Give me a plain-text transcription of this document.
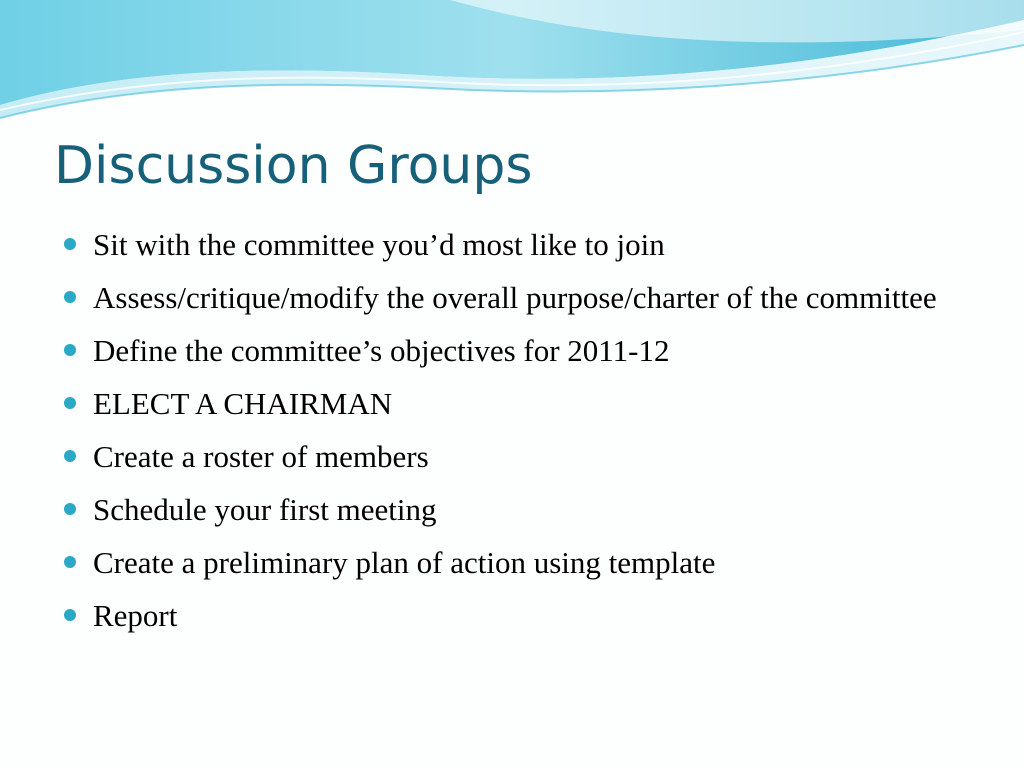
Discussion Groups
Sit with the committee you’d most like to join
Assess/critique/modify the overall purpose/charter of the committee
Define the committee’s objectives for 2011-12
ELECT A CHAIRMAN
Create a roster of members
Schedule your first meeting
Create a preliminary plan of action using template
Report
